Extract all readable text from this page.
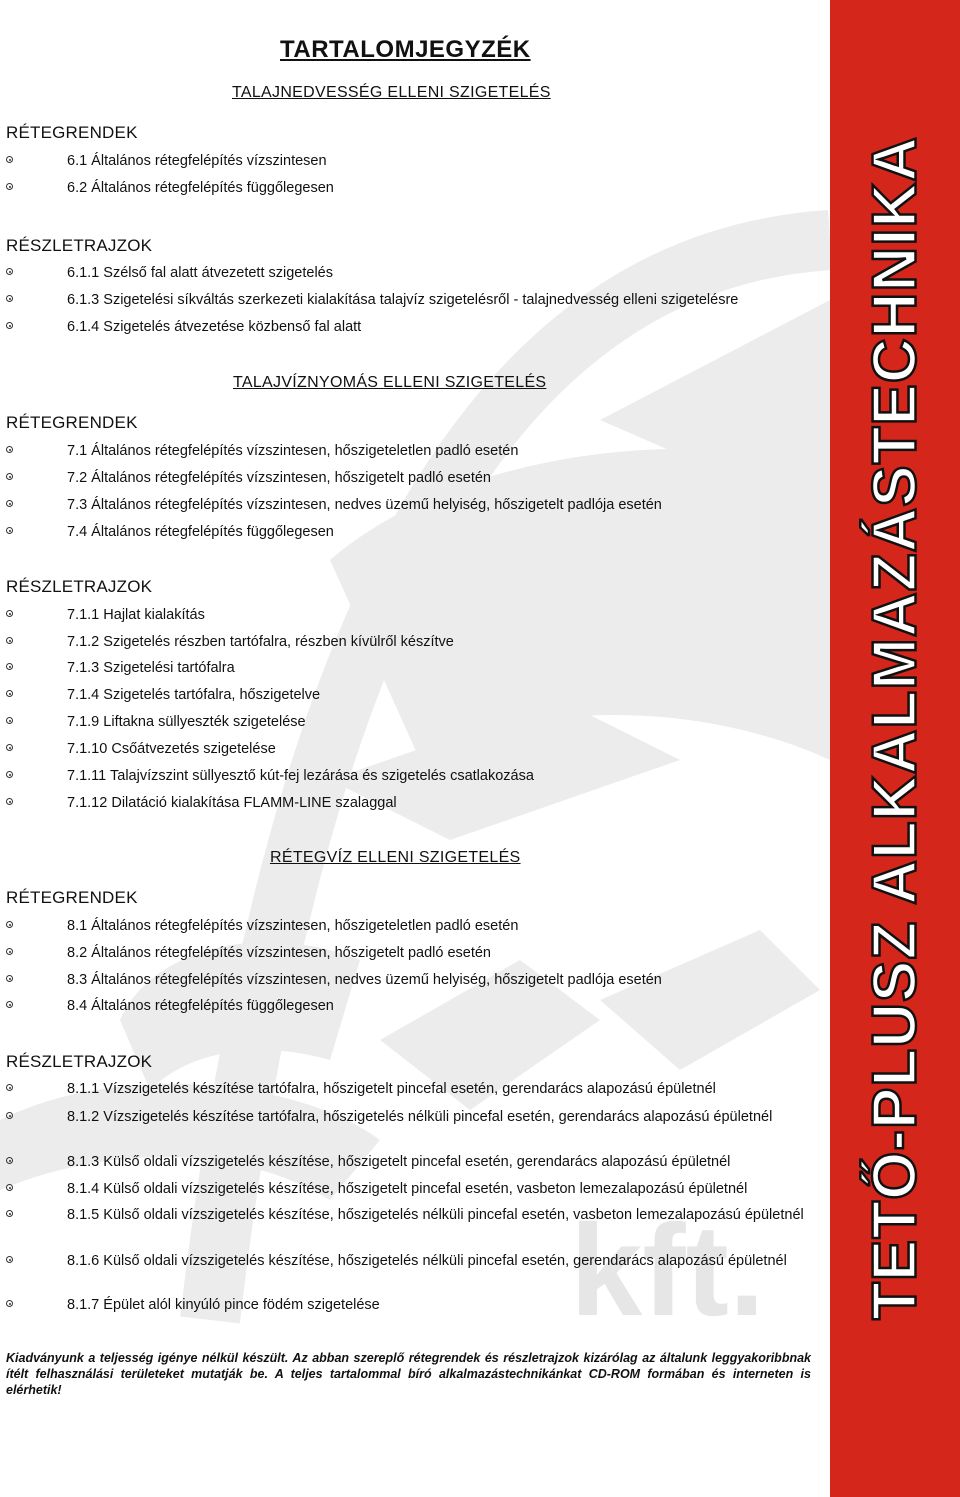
kft.
TARTALOMJEGYZÉK
TALAJNEDVESSÉG ELLENI SZIGETELÉS
RÉTEGRENDEK
6.1 Általános rétegfelépítés vízszintesen
6.2 Általános rétegfelépítés függőlegesen
RÉSZLETRAJZOK
6.1.1 Szélső fal alatt átvezetett szigetelés
6.1.3 Szigetelési síkváltás szerkezeti kialakítása talajvíz szigetelésről - talajnedvesség elleni szigetelésre
6.1.4 Szigetelés átvezetése közbenső fal alatt
TALAJVÍZNYOMÁS ELLENI SZIGETELÉS
RÉTEGRENDEK
7.1 Általános rétegfelépítés vízszintesen, hőszigeteletlen padló esetén
7.2 Általános rétegfelépítés vízszintesen, hőszigetelt padló esetén
7.3 Általános rétegfelépítés vízszintesen, nedves üzemű helyiség, hőszigetelt padlója esetén
7.4 Általános rétegfelépítés függőlegesen
RÉSZLETRAJZOK
7.1.1 Hajlat kialakítás
7.1.2 Szigetelés részben tartófalra, részben kívülről készítve
7.1.3 Szigetelési tartófalra
7.1.4 Szigetelés tartófalra, hőszigetelve
7.1.9 Liftakna süllyeszték szigetelése
7.1.10 Csőátvezetés szigetelése
7.1.11 Talajvízszint süllyesztő kút-fej lezárása és szigetelés csatlakozása
7.1.12 Dilatáció kialakítása FLAMM-LINE szalaggal
RÉTEGVÍZ ELLENI SZIGETELÉS
RÉTEGRENDEK
8.1 Általános rétegfelépítés vízszintesen, hőszigeteletlen padló esetén
8.2 Általános rétegfelépítés vízszintesen, hőszigetelt padló esetén
8.3 Általános rétegfelépítés vízszintesen, nedves üzemű helyiség, hőszigetelt padlója esetén
8.4 Általános rétegfelépítés függőlegesen
RÉSZLETRAJZOK
8.1.1 Vízszigetelés készítése tartófalra, hőszigetelt pincefal esetén, gerendarács alapozású épületnél
8.1.2 Vízszigetelés készítése tartófalra, hőszigetelés nélküli pincefal esetén, gerendarács alapozású épületnél
8.1.3 Külső oldali vízszigetelés készítése, hőszigetelt pincefal esetén, gerendarács alapozású épületnél
8.1.4 Külső oldali vízszigetelés készítése, hőszigetelt pincefal esetén, vasbeton lemezalapozású épületnél
8.1.5 Külső oldali vízszigetelés készítése, hőszigetelés nélküli pincefal esetén, vasbeton lemezalapozású épületnél
8.1.6 Külső oldali vízszigetelés készítése, hőszigetelés nélküli pincefal esetén, gerendarács alapozású épületnél
8.1.7 Épület alól kinyúló pince födém szigetelése
Kiadványunk a teljesség igénye nélkül készült. Az abban szereplő rétegrendek és részletrajzok kizárólag az általunk leggyakoribbnak ítélt felhasználási területeket mutatják be. A teljes tartalommal bíró alkalmazástechnikánkat CD-ROM formában és interneten is elérhetik!
TETŐ-PLUSZ ALKALMAZÁSTECHNIKA
